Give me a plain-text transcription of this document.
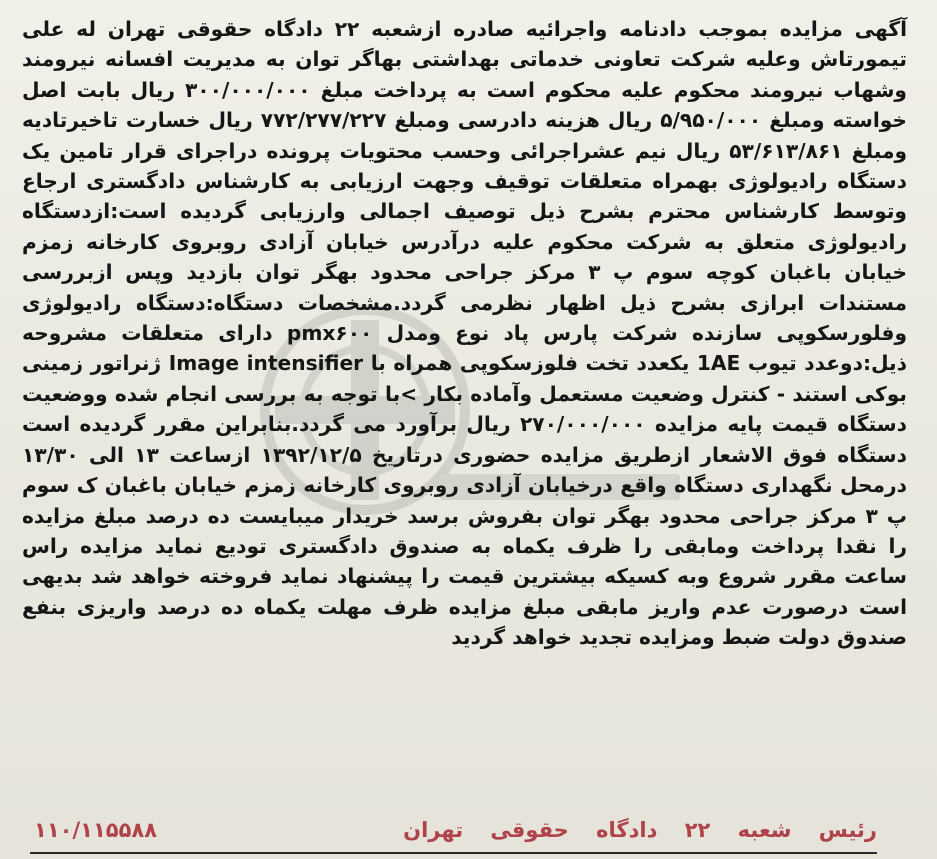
آگهی مزایده بموجب دادنامه واجرائیه صادره ازشعبه ۲۲ دادگاه حقوقی تهران له علی تیمورتاش وعلیه شرکت تعاونی خدماتی بهداشتی بهاگر توان به مدیریت افسانه نیرومند وشهاب نیرومند محکوم علیه محکوم است به پرداخت مبلغ ۳۰۰/۰۰۰/۰۰۰ ریال بابت اصل خواسته ومبلغ ۵/۹۵۰/۰۰۰ ریال هزینه دادرسی ومبلغ ۷۷۲/۲۷۷/۲۲۷ ریال خسارت تاخیرتادیه ومبلغ ۵۳/۶۱۳/۸۶۱ ریال نیم عشراجرائی وحسب محتویات پرونده دراجرای قرار تامین یک دستگاه رادیولوژی بهمراه متعلقات توقیف وجهت ارزیابی به کارشناس دادگستری ارجاع وتوسط کارشناس محترم بشرح ذیل توصیف اجمالی وارزیابی گردیده است:ازدستگاه رادیولوژی متعلق به شرکت محکوم علیه درآدرس خیابان آزادی روبروی کارخانه زمزم خیابان باغبان کوچه سوم پ ۳ مرکز جراحی محدود بهگر توان بازدید وپس ازبررسی مستندات ابرازی بشرح ذیل اظهار نظرمی گردد.مشخصات دستگاه:دستگاه رادیولوژی وفلورسکوپی سازنده شرکت پارس پاد نوع ومدل pmx۶۰۰ دارای متعلقات مشروحه ذیل:دوعدد تیوب 1AE یکعدد تخت فلوزسکوپی همراه با Image intensifier ژنراتور زمینی بوکی استند - کنترل وضعیت مستعمل وآماده بکار >با توجه به بررسی انجام شده ووضعیت دستگاه قیمت پایه مزایده ۲۷۰/۰۰۰/۰۰۰ ریال برآورد می گردد.بنابراین مقرر گردیده است دستگاه فوق الاشعار ازطریق مزایده حضوری درتاریخ ۱۳۹۲/۱۲/۵ ازساعت ۱۳ الی ۱۳/۳۰ درمحل نگهداری دستگاه واقع درخیابان آزادی روبروی کارخانه زمزم خیابان باغبان ک سوم پ ۳ مرکز جراحی محدود بهگر توان بفروش برسد خریدار میبایست ده درصد مبلغ مزایده را نقدا پرداخت ومابقی را ظرف یکماه به صندوق دادگستری تودیع نماید مزایده راس ساعت مقرر شروع وبه کسیکه بیشترین قیمت را پیشنهاد نماید فروخته خواهد شد بدیهی است درصورت عدم واریز مابقی مبلغ مزایده ظرف مهلت یکماه ده درصد واریزی بنفع صندوق دولت ضبط ومزایده تجدید خواهد گردید

رئیس شعبه ۲۲ دادگاه حقوقی تهران
۱۱۰/۱۱۵۵۸۸
